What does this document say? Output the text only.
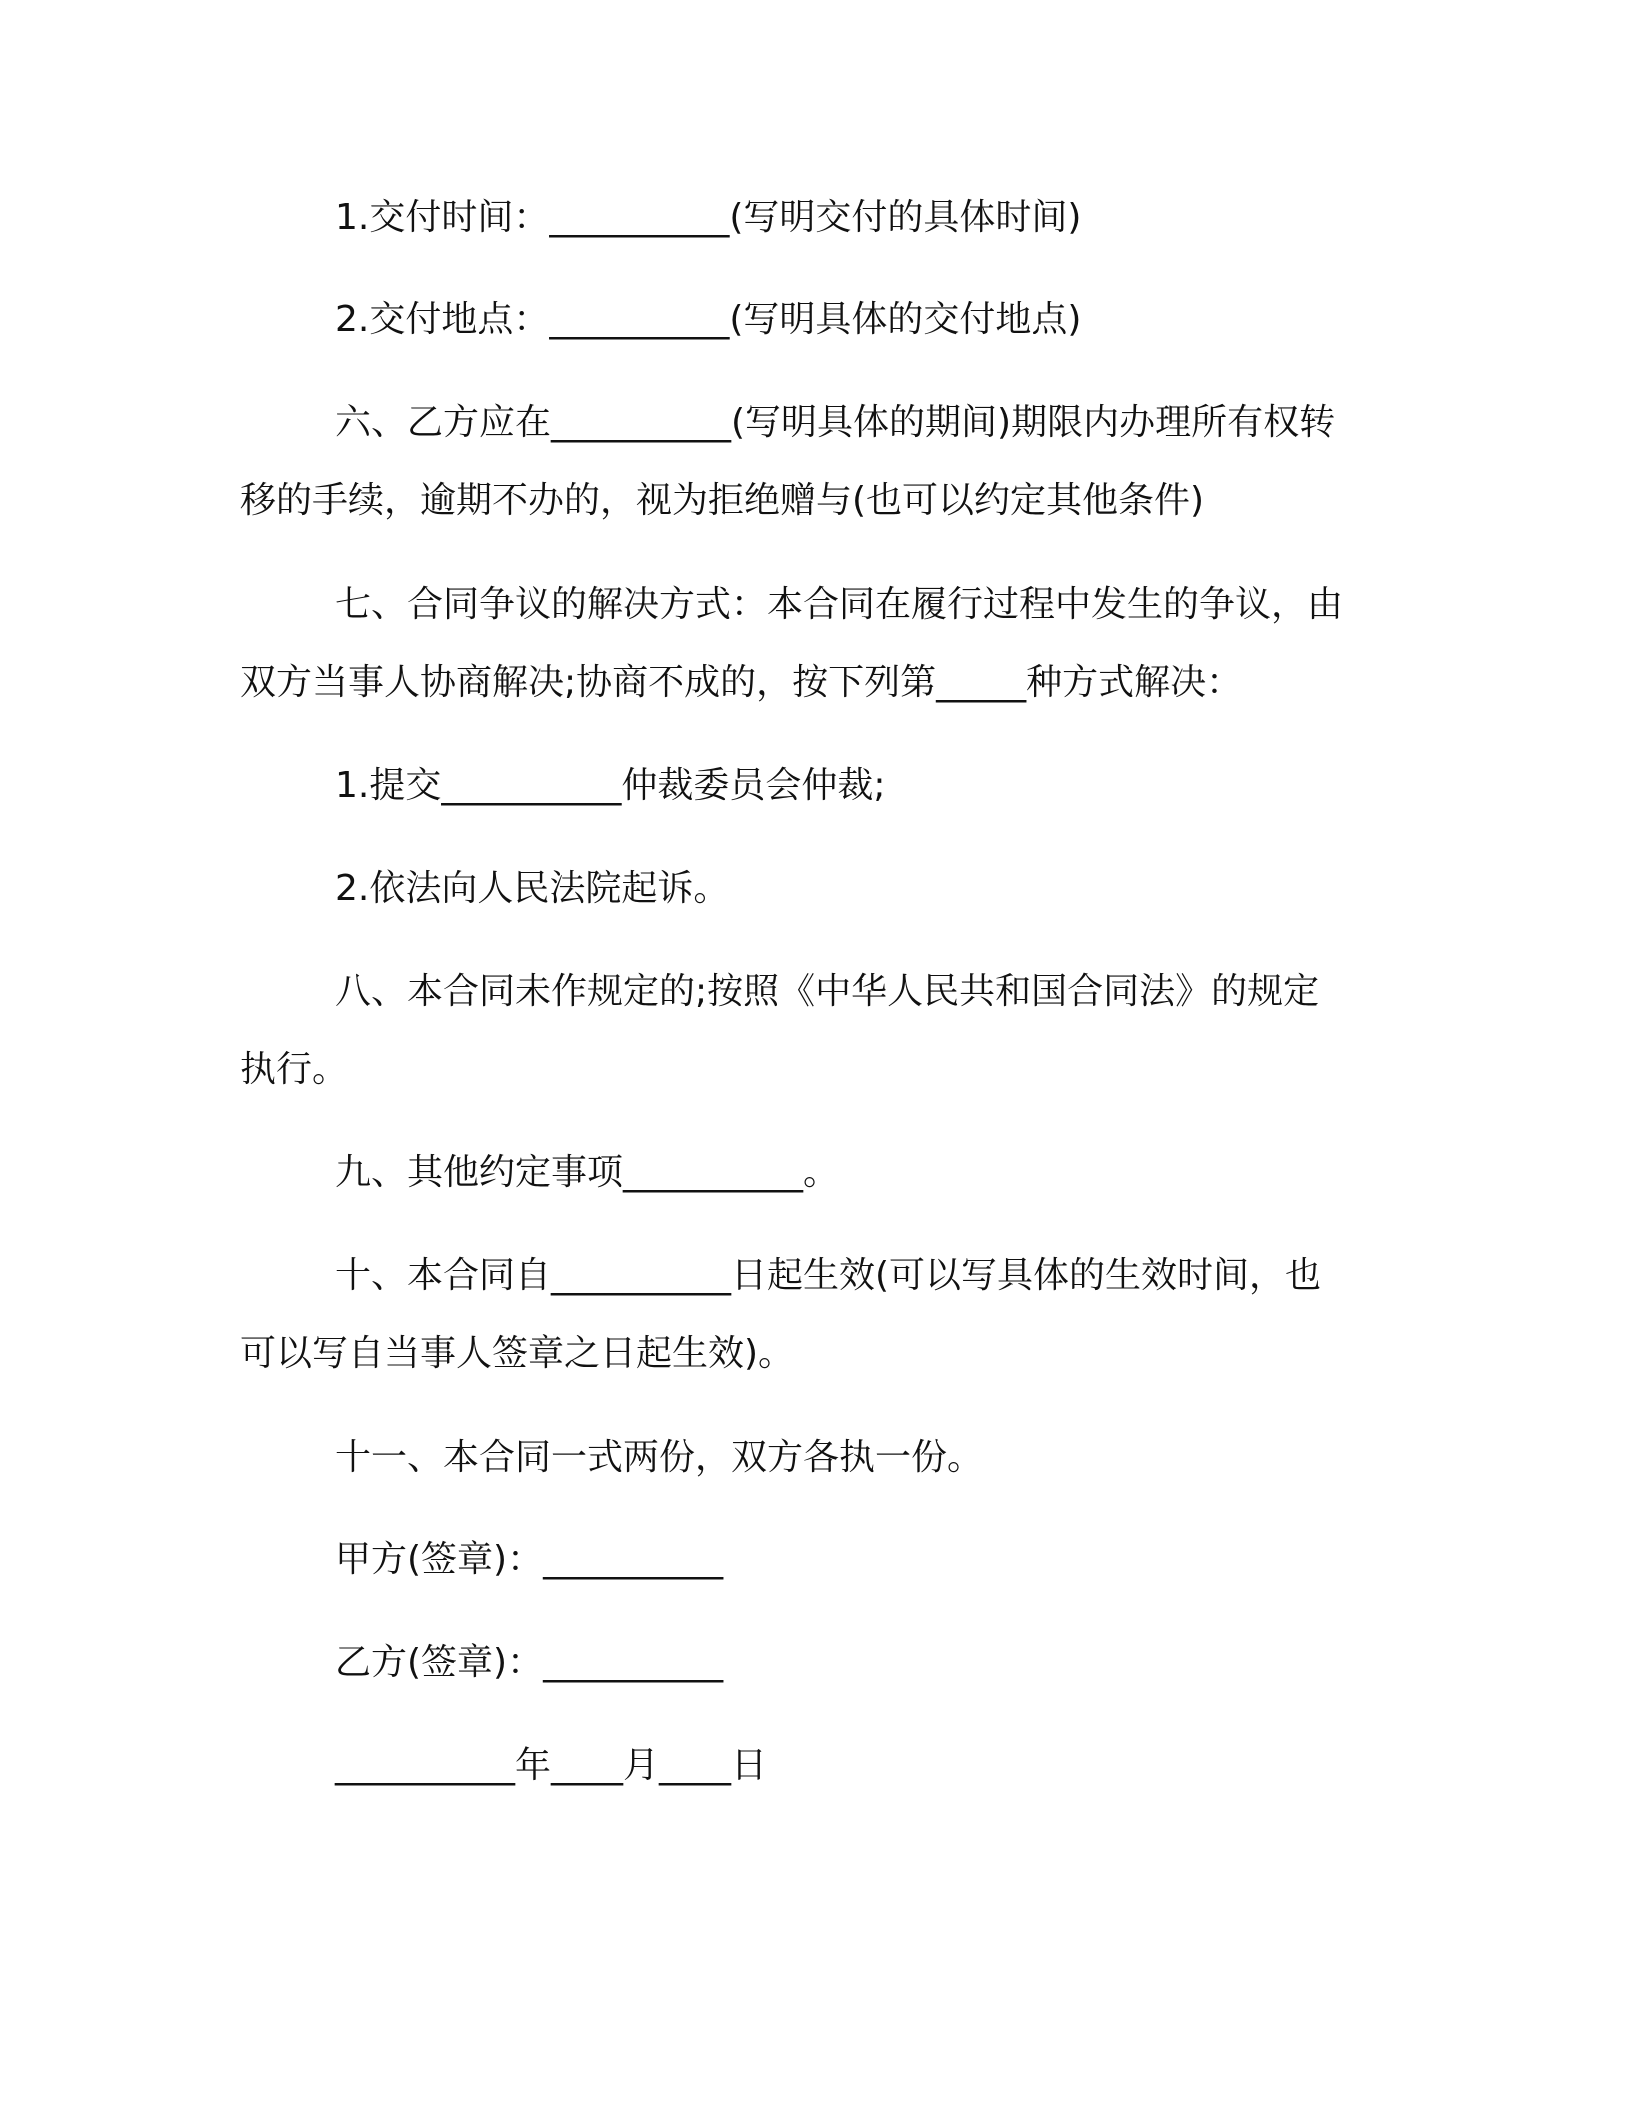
1.交付时间：__________(写明交付的具体时间)
2.交付地点：__________(写明具体的交付地点)
六、乙方应在__________(写明具体的期间)期限内办理所有权转
移的手续，逾期不办的，视为拒绝赠与(也可以约定其他条件)
七、合同争议的解决方式：本合同在履行过程中发生的争议，由
双方当事人协商解决;协商不成的，按下列第_____种方式解决：
1.提交__________仲裁委员会仲裁;
2.依法向人民法院起诉。
八、本合同未作规定的;按照《中华人民共和国合同法》的规定
执行。
九、其他约定事项__________。
十、本合同自__________日起生效(可以写具体的生效时间，也
可以写自当事人签章之日起生效)。
十一、本合同一式两份，双方各执一份。
甲方(签章)：__________
乙方(签章)：__________
__________年____月____日
